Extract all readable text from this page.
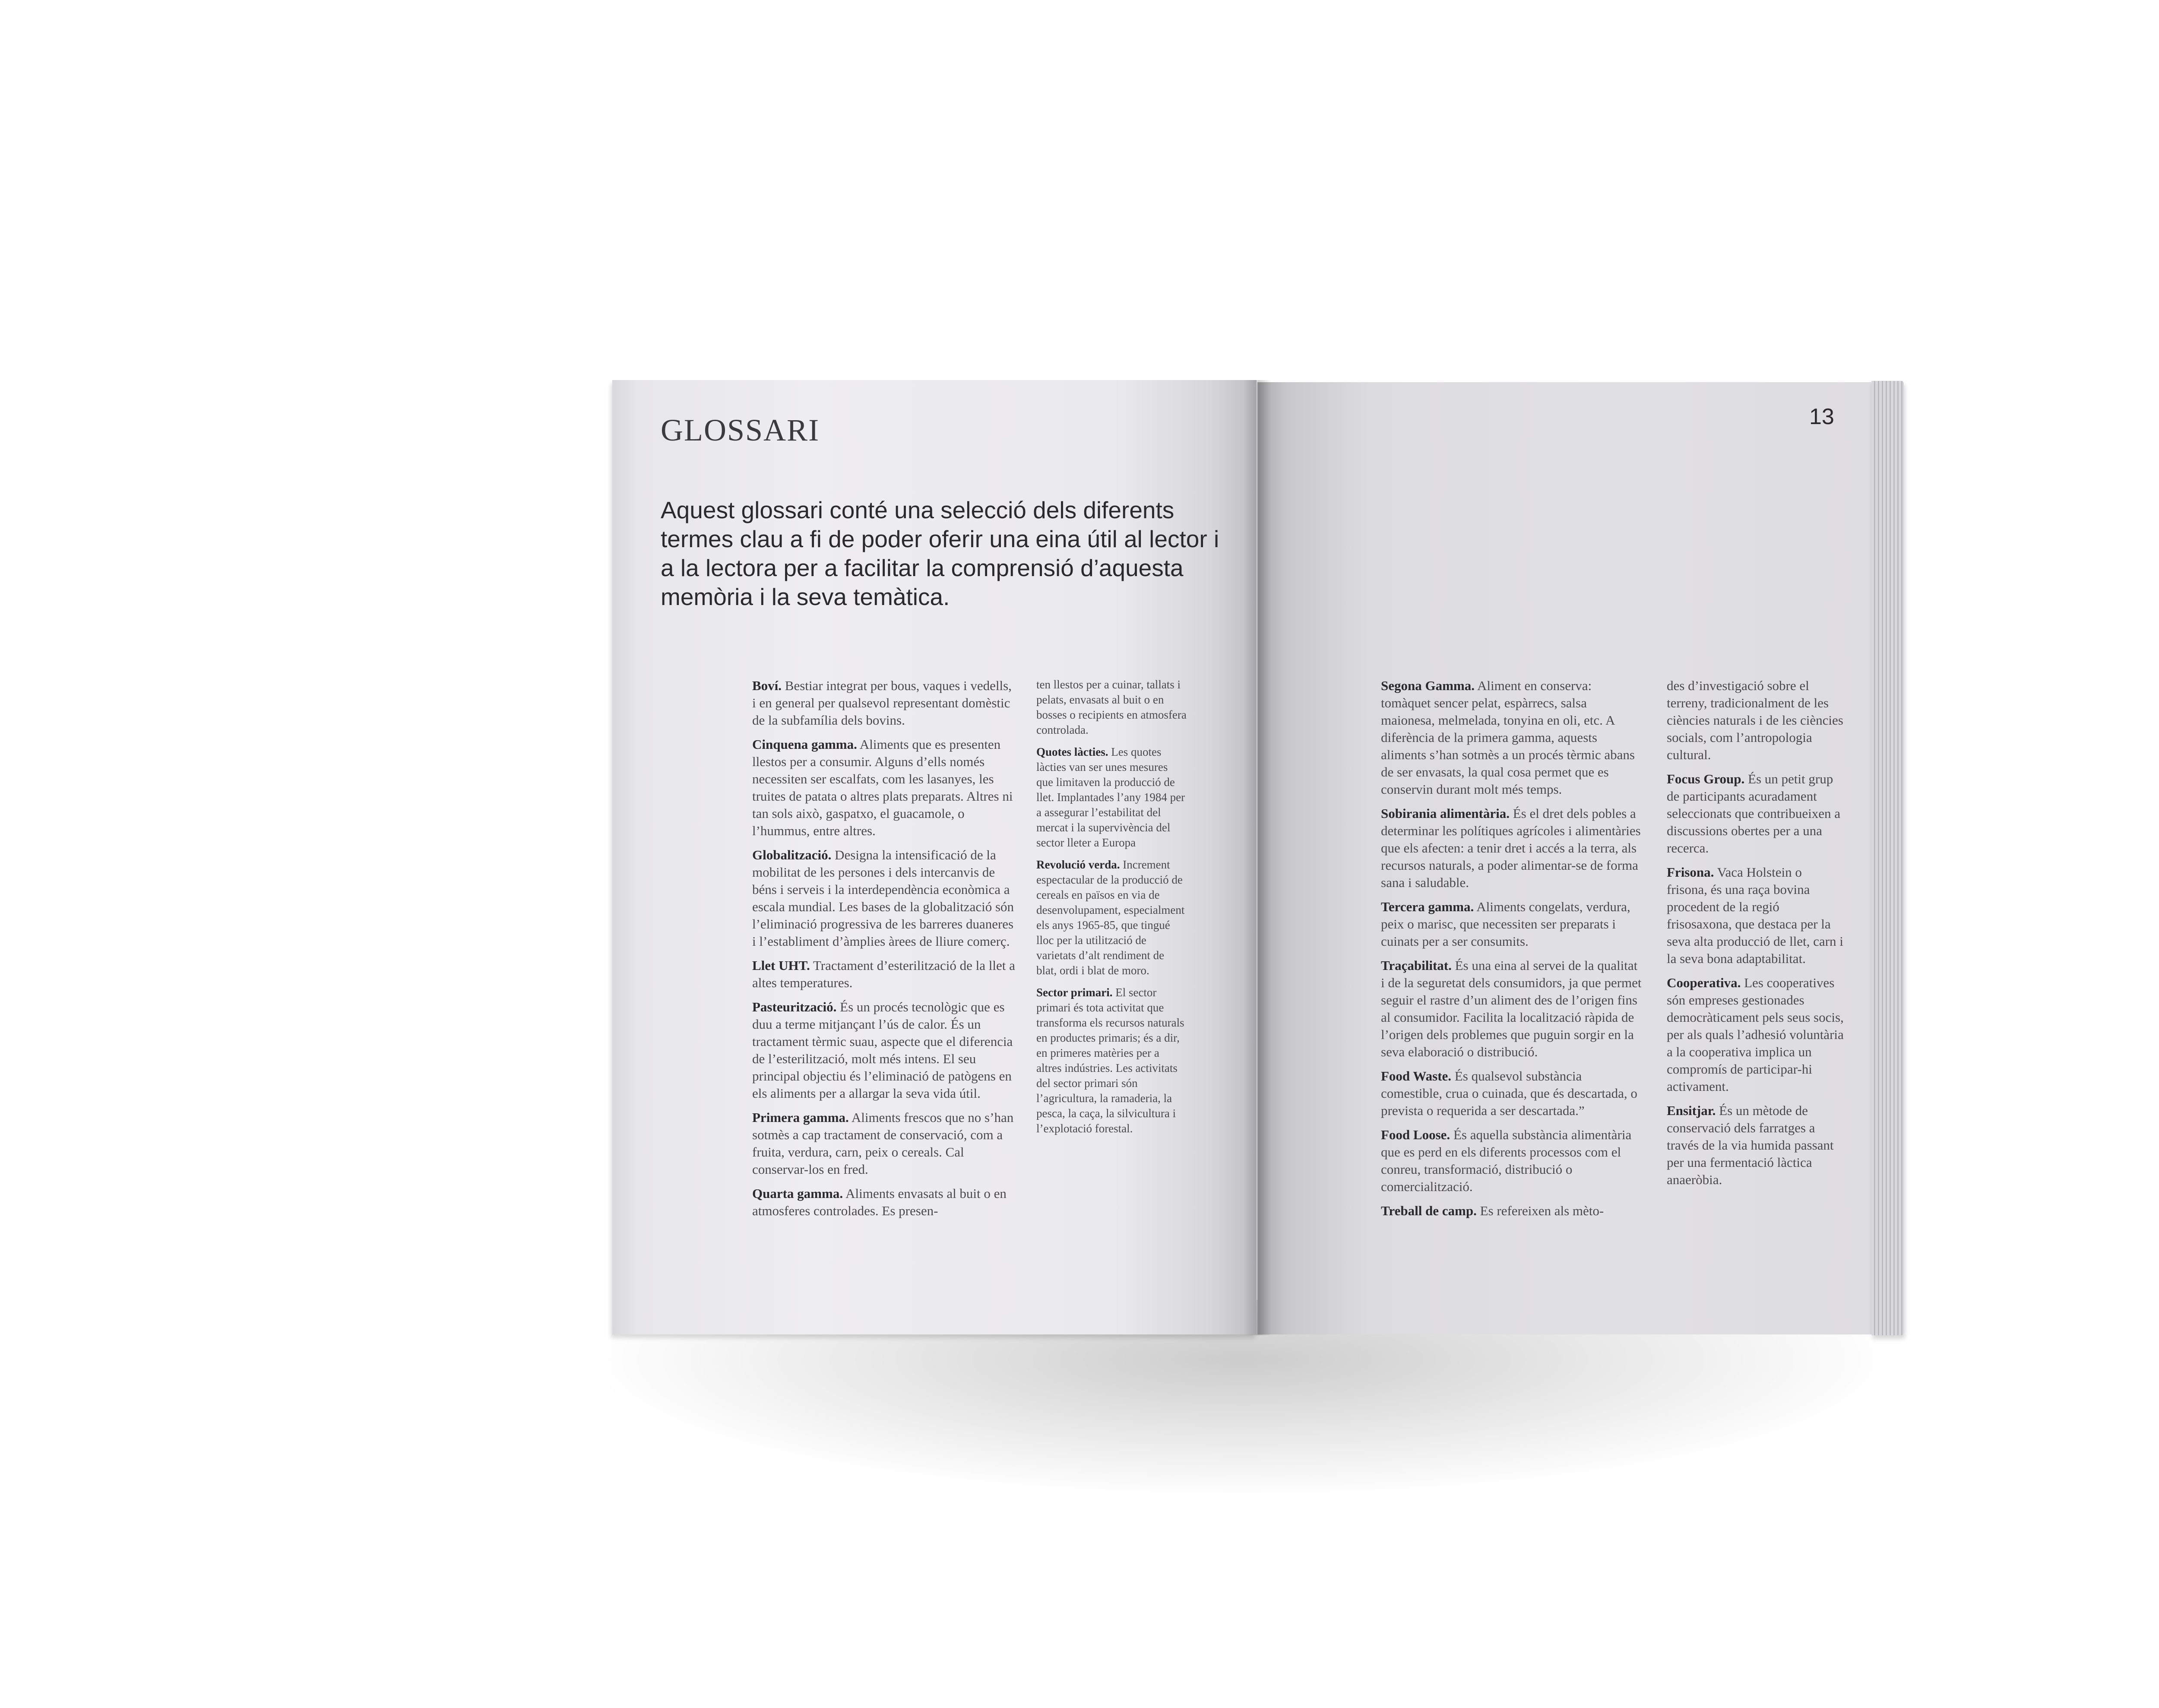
GLOSSARI

Aquest glossari conté una selecció dels diferents termes clau a fi de poder oferir una eina útil al lector i a la lectora per a facilitar la comprensió d’aquesta memòria i la seva temàtica.

Boví. Bestiar integrat per bous, vaques i vedells, i en general per qualsevol representant domèstic de la subfamília dels bovins.

Cinquena gamma. Aliments que es presenten llestos per a consumir. Alguns d’ells només necessiten ser escalfats, com les lasanyes, les truites de patata o altres plats preparats. Altres ni tan sols això, gaspatxo, el guacamole, o l’hummus, entre altres.

Globalització. Designa la intensificació de la mobilitat de les persones i dels intercanvis de béns i serveis i la interdependència econòmica a escala mundial. Les bases de la globalització són l’eliminació progressiva de les barreres duaneres i l’establiment d’àmplies àrees de lliure comerç.

Llet UHT. Tractament d’esterilització de la llet a altes temperatures.

Pasteurització. És un procés tecnològic que es duu a terme mitjançant l’ús de calor. És un tractament tèrmic suau, aspecte que el diferencia de l’esterilització, molt més intens. El seu principal objectiu és l’eliminació de patògens en els aliments per a allargar la seva vida útil.

Primera gamma. Aliments frescos que no s’han sotmès a cap tractament de conservació, com a fruita, verdura, carn, peix o cereals. Cal conservar-los en fred.

Quarta gamma. Aliments envasats al buit o en atmosferes controlades. Es presen-

ten llestos per a cuinar, tallats i pelats, envasats al buit o en bosses o recipients en atmosfera controlada.

Quotes làcties. Les quotes làcties van ser unes mesures que limitaven la producció de llet. Implantades l’any 1984 per a assegurar l’estabilitat del mercat i la supervivència del sector lleter a Europa

Revolució verda. Increment espectacular de la producció de cereals en països en via de desenvolupament, especialment els anys 1965-85, que tingué lloc per la utilització de varietats d’alt rendiment de blat, ordi i blat de moro.

Sector primari. El sector primari és tota activitat que transforma els recursos naturals en productes primaris; és a dir, en primeres matèries per a altres indústries. Les activitats del sector primari són l’agricultura, la ramaderia, la pesca, la caça, la silvicultura i l’explotació forestal.

13

Segona Gamma. Aliment en conserva: tomàquet sencer pelat, espàrrecs, salsa maionesa, melmelada, tonyina en oli, etc. A diferència de la primera gamma, aquests aliments s’han sotmès a un procés tèrmic abans de ser envasats, la qual cosa permet que es conservin durant molt més temps.

Sobirania alimentària. És el dret dels pobles a determinar les polítiques agrícoles i alimentàries que els afecten: a tenir dret i accés a la terra, als recursos naturals, a poder alimentar-se de forma sana i saludable.

Tercera gamma. Aliments congelats, verdura, peix o marisc, que necessiten ser preparats i cuinats per a ser consumits.

Traçabilitat. És una eina al servei de la qualitat i de la seguretat dels consumidors, ja que permet seguir el rastre d’un aliment des de l’origen fins al consumidor. Facilita la localització ràpida de l’origen dels problemes que puguin sorgir en la seva elaboració o distribució.

Food Waste. És qualsevol substància comestible, crua o cuinada, que és descartada, o prevista o requerida a ser descartada.”

Food Loose. És aquella substància alimentària que es perd en els diferents processos com el conreu, transformació, distribució o comercialització.

Treball de camp. Es refereixen als mèto-

des d’investigació sobre el terreny, tradicionalment de les ciències naturals i de les ciències socials, com l’antropologia cultural.

Focus Group. És un petit grup de participants acuradament seleccionats que contribueixen a discussions obertes per a una recerca.

Frisona. Vaca Holstein o frisona, és una raça bovina procedent de la regió frisosaxona, que destaca per la seva alta producció de llet, carn i la seva bona adaptabilitat.

Cooperativa. Les cooperatives són empreses gestionades democràticament pels seus socis, per als quals l’adhesió voluntària a la cooperativa implica un compromís de participar-hi activament.

Ensitjar. És un mètode de conservació dels farratges a través de la via humida passant per una fermentació làctica anaeròbia.
